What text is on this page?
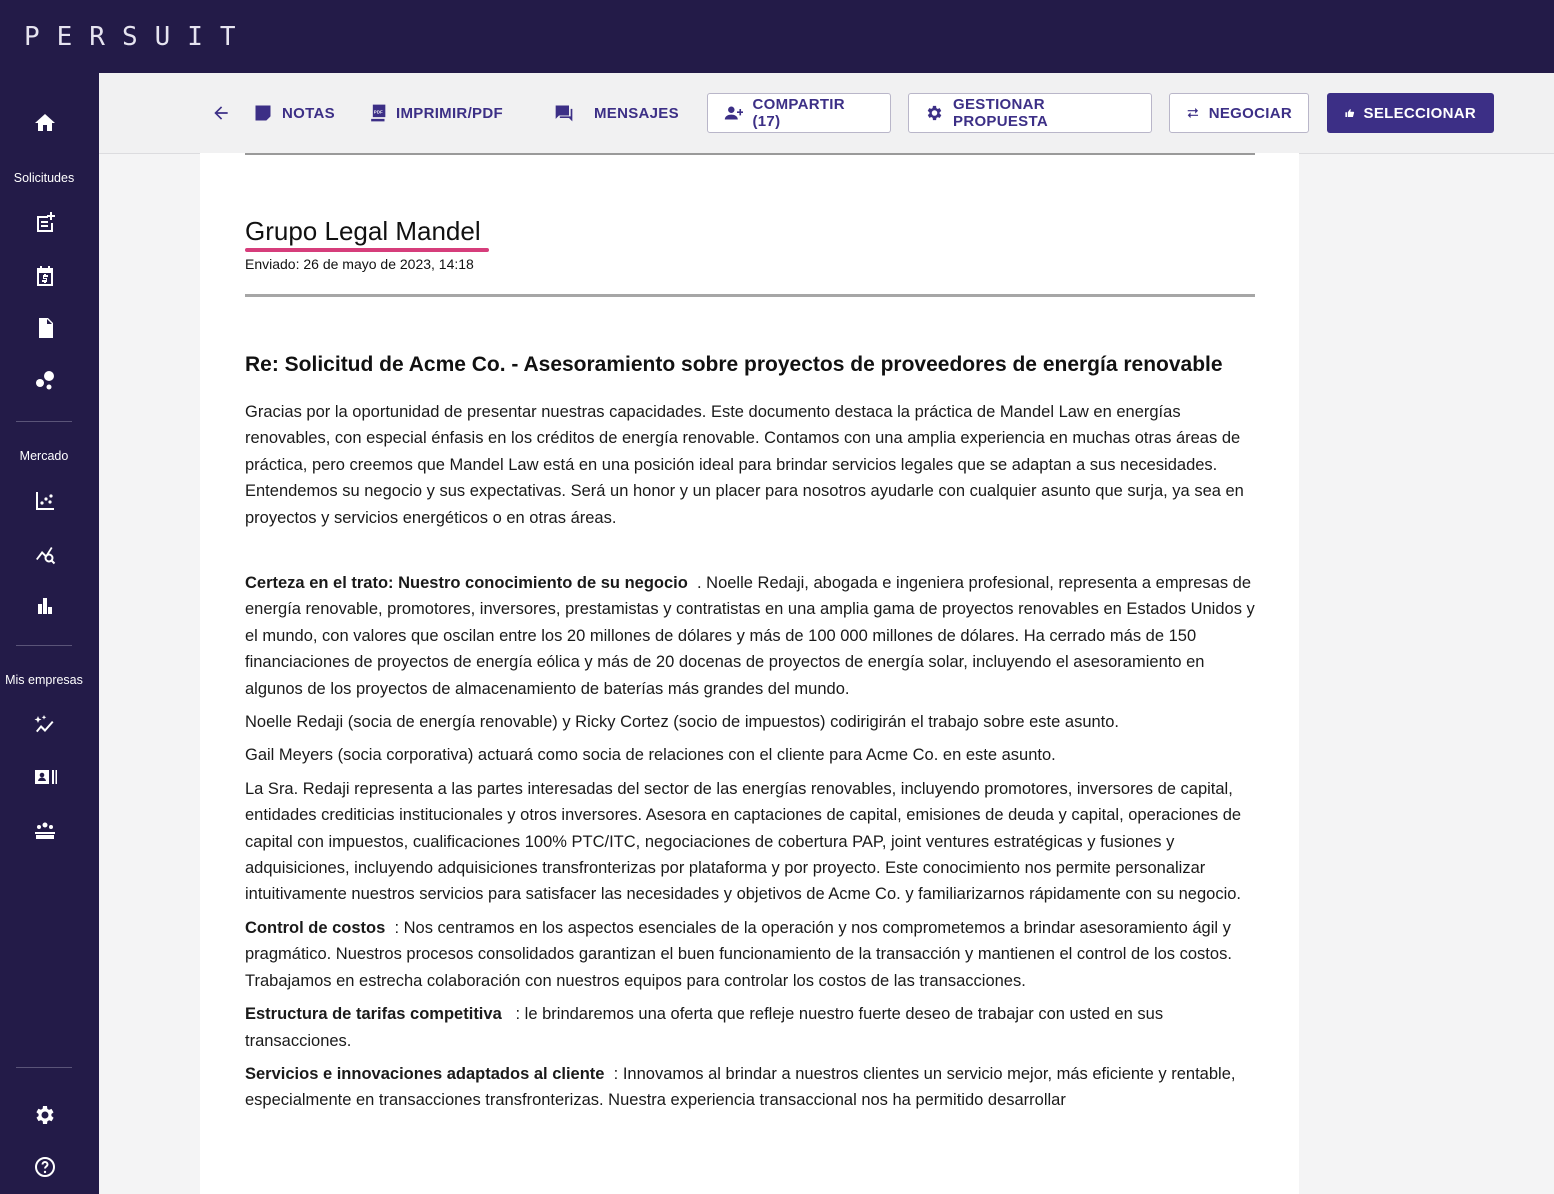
PERSUIT
Solicitudes
Mercado
Mis empresas
NOTAS	PDF IMPRIMIR/PDF	MENSAJES	COMPARTIR (17)
GESTIONAR PROPUESTA	NEGOCIAR	SELECCIONAR
Grupo Legal Mandel
Enviado: 26 de mayo de 2023, 14:18
Re: Solicitud de Acme Co. - Asesoramiento sobre proyectos de proveedores de energía renovable

Gracias por la oportunidad de presentar nuestras capacidades. Este documento destaca la práctica de Mandel Law en energías renovables, con especial énfasis en los créditos de energía renovable. Contamos con una amplia experiencia en muchas otras áreas de práctica, pero creemos que Mandel Law está en una posición ideal para brindar servicios legales que se adaptan a sus necesidades. Entendemos su negocio y sus expectativas. Será un honor y un placer para nosotros ayudarle con cualquier asunto que surja, ya sea en proyectos y servicios energéticos o en otras áreas.

Certeza en el trato: Nuestro conocimiento de su negocio . Noelle Redaji, abogada e ingeniera profesional, representa a empresas de energía renovable, promotores, inversores, prestamistas y contratistas en una amplia gama de proyectos renovables en Estados Unidos y el mundo, con valores que oscilan entre los 20 millones de dólares y más de 100 000 millones de dólares. Ha cerrado más de 150 financiaciones de proyectos de energía eólica y más de 20 docenas de proyectos de energía solar, incluyendo el asesoramiento en algunos de los proyectos de almacenamiento de baterías más grandes del mundo.

Noelle Redaji (socia de energía renovable) y Ricky Cortez (socio de impuestos) codirigirán el trabajo sobre este asunto.

Gail Meyers (socia corporativa) actuará como socia de relaciones con el cliente para Acme Co. en este asunto.

La Sra. Redaji representa a las partes interesadas del sector de las energías renovables, incluyendo promotores, inversores de capital, entidades crediticias institucionales y otros inversores. Asesora en captaciones de capital, emisiones de deuda y capital, operaciones de capital con impuestos, cualificaciones 100% PTC/ITC, negociaciones de cobertura PAP, joint ventures estratégicas y fusiones y adquisiciones, incluyendo adquisiciones transfronterizas por plataforma y por proyecto. Este conocimiento nos permite personalizar intuitivamente nuestros servicios para satisfacer las necesidades y objetivos de Acme Co. y familiarizarnos rápidamente con su negocio.

Control de costos : Nos centramos en los aspectos esenciales de la operación y nos comprometemos a brindar asesoramiento ágil y pragmático. Nuestros procesos consolidados garantizan el buen funcionamiento de la transacción y mantienen el control de los costos. Trabajamos en estrecha colaboración con nuestros equipos para controlar los costos de las transacciones.

Estructura de tarifas competitiva : le brindaremos una oferta que refleje nuestro fuerte deseo de trabajar con usted en sus transacciones.

Servicios e innovaciones adaptados al cliente : Innovamos al brindar a nuestros clientes un servicio mejor, más eficiente y rentable, especialmente en transacciones transfronterizas. Nuestra experiencia transaccional nos ha permitido desarrollar
